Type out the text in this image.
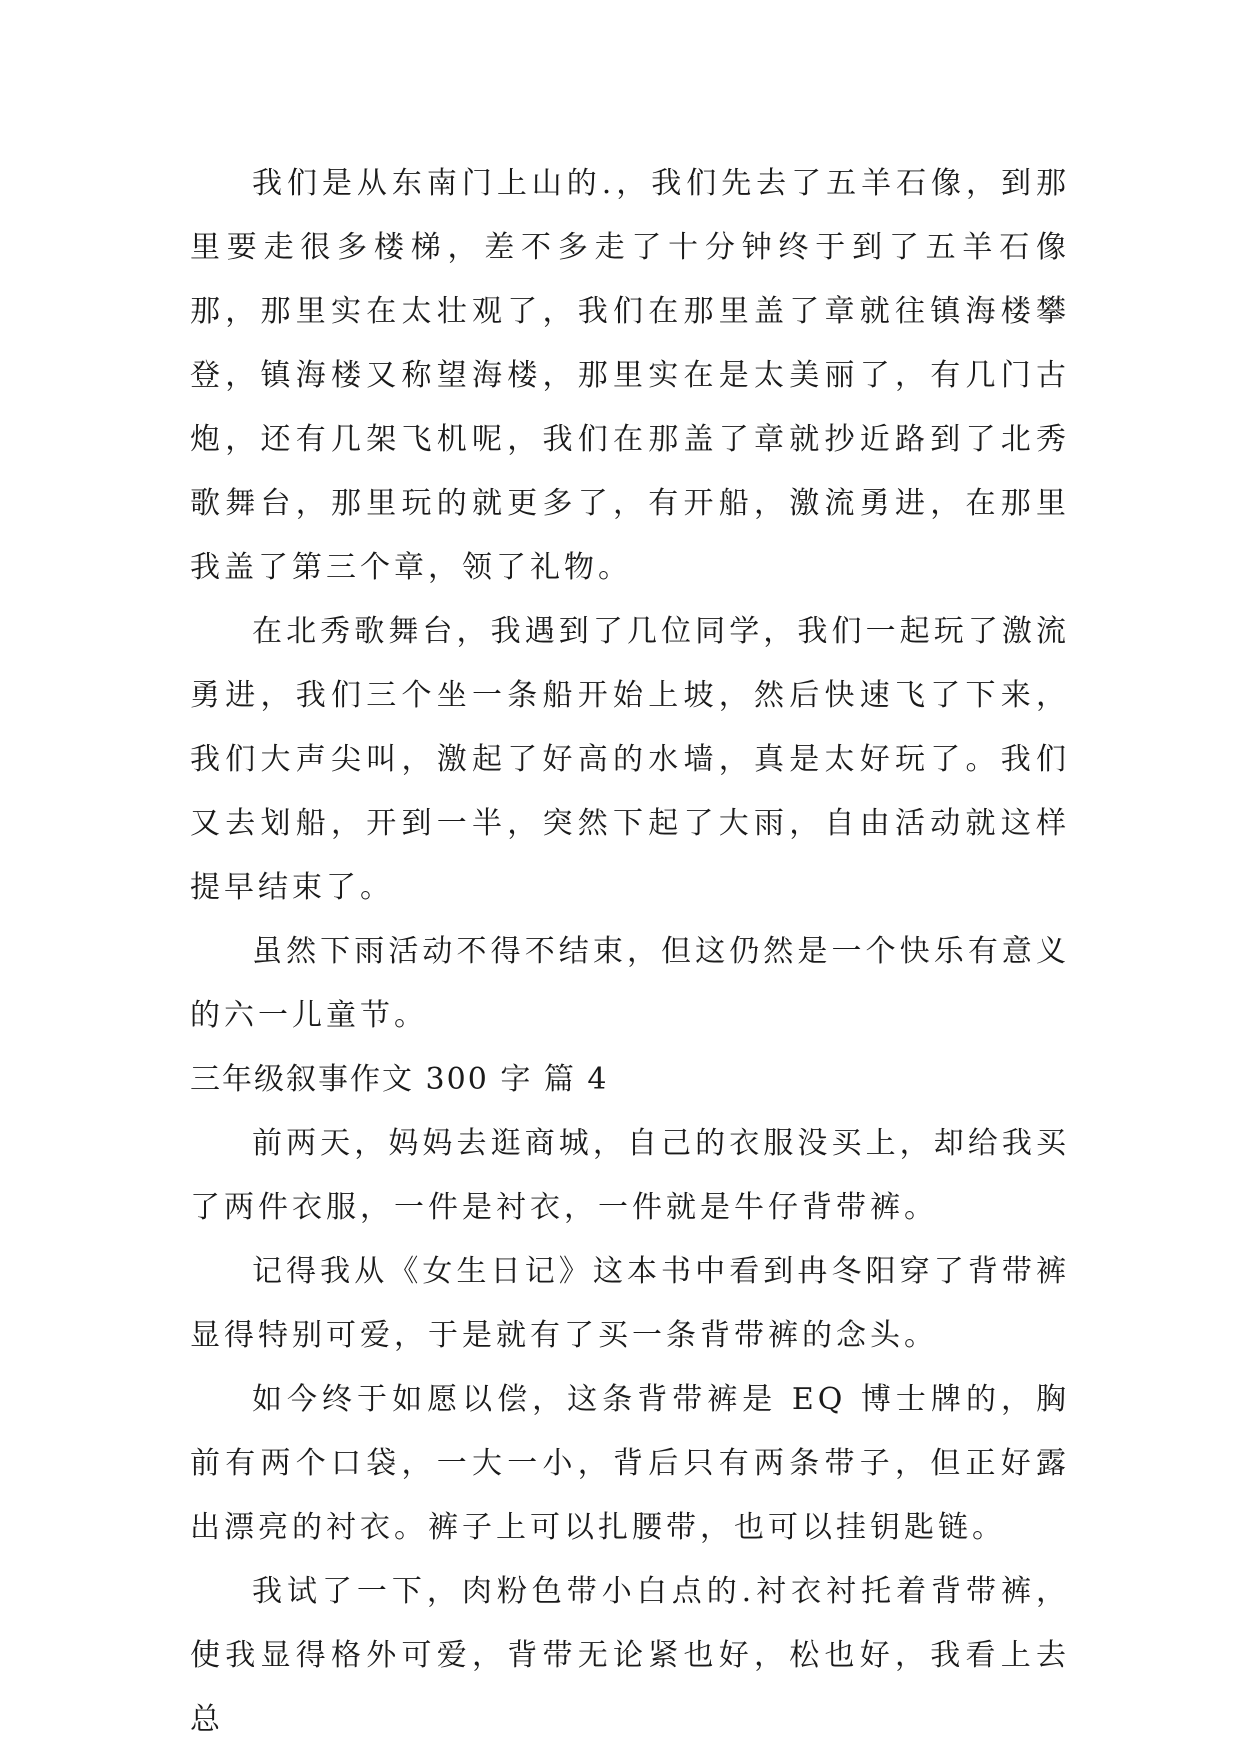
我们是从东南门上山的.，我们先去了五羊石像，到那里要走很多楼梯，差不多走了十分钟终于到了五羊石像那，那里实在太壮观了，我们在那里盖了章就往镇海楼攀登，镇海楼又称望海楼，那里实在是太美丽了，有几门古炮，还有几架飞机呢，我们在那盖了章就抄近路到了北秀歌舞台，那里玩的就更多了，有开船，激流勇进，在那里我盖了第三个章，领了礼物。

在北秀歌舞台，我遇到了几位同学，我们一起玩了激流勇进，我们三个坐一条船开始上坡，然后快速飞了下来，我们大声尖叫，激起了好高的水墙，真是太好玩了。我们又去划船，开到一半，突然下起了大雨，自由活动就这样提早结束了。

虽然下雨活动不得不结束，但这仍然是一个快乐有意义的六一儿童节。

三年级叙事作文 300 字 篇 4

前两天，妈妈去逛商城，自己的衣服没买上，却给我买了两件衣服，一件是衬衣，一件就是牛仔背带裤。

记得我从《女生日记》这本书中看到冉冬阳穿了背带裤显得特别可爱，于是就有了买一条背带裤的念头。

如今终于如愿以偿，这条背带裤是 EQ 博士牌的，胸前有两个口袋，一大一小，背后只有两条带子，但正好露出漂亮的衬衣。裤子上可以扎腰带，也可以挂钥匙链。

我试了一下，肉粉色带小白点的.衬衣衬托着背带裤，使我显得格外可爱，背带无论紧也好，松也好，我看上去总
